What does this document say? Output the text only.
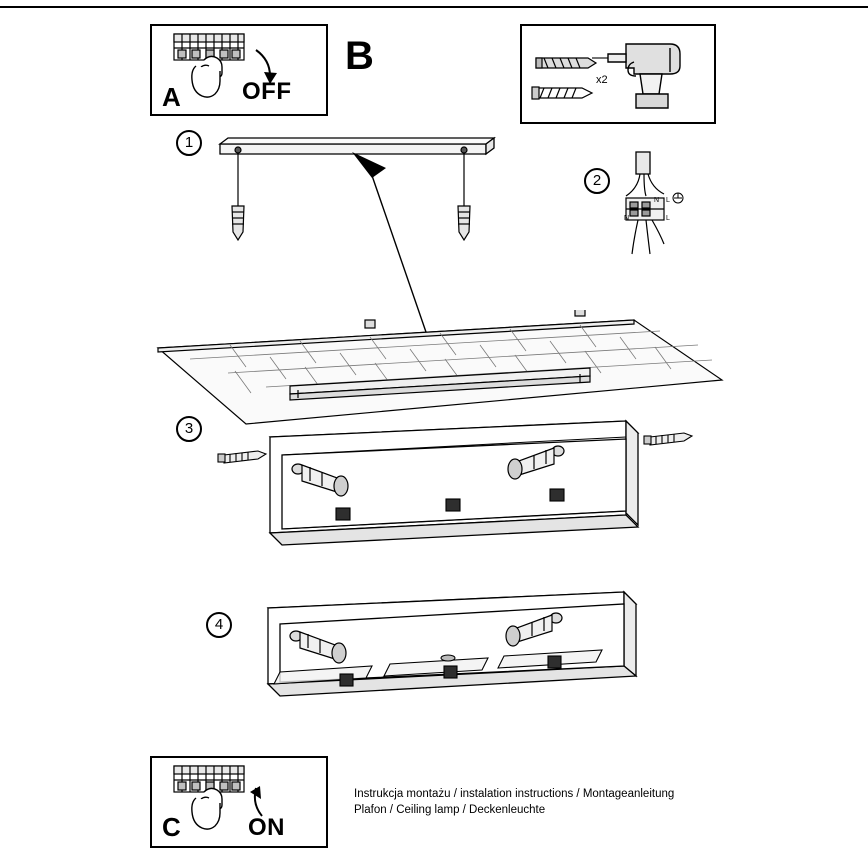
OFF
A
B
x2
1
2
N L
N	L
3
4
ON
C
Instrukcja montażu / instalation instructions / Montageanleitung
Plafon / Ceiling lamp / Deckenleuchte
